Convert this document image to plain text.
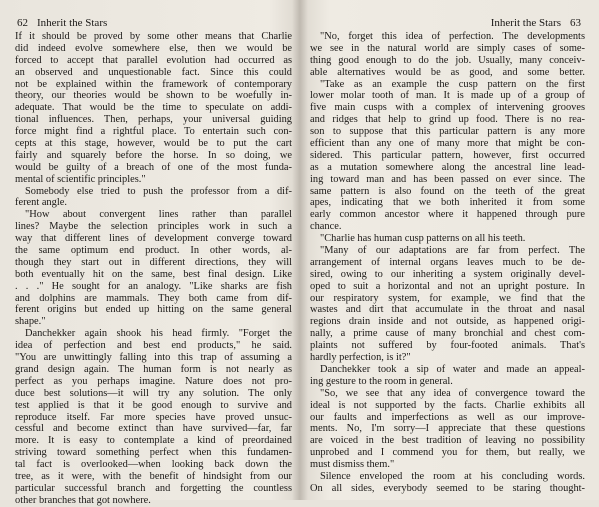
62 Inherit the Stars
If it should be proved by some other means that Charlie
did indeed evolve somewhere else, then we would be
forced to accept that parallel evolution had occurred as
an observed and unquestionable fact. Since this could
not be explained within the framework of contemporary
theory, our theories would be shown to be woefully in-
adequate. That would be the time to speculate on addi-
tional influences. Then, perhaps, your universal guiding
force might find a rightful place. To entertain such con-
cepts at this stage, however, would be to put the cart
fairly and squarely before the horse. In so doing, we
would be guilty of a breach of one of the most funda-
mental of scientific principles."
Somebody else tried to push the professor from a dif-
ferent angle.
"How about convergent lines rather than parallel
lines? Maybe the selection principles work in such a
way that different lines of development converge toward
the same optimum end product. In other words, al-
though they start out in different directions, they will
both eventually hit on the same, best final design. Like
. . ." He sought for an analogy. "Like sharks are fish
and dolphins are mammals. They both came from dif-
ferent origins but ended up hitting on the same general
shape."
Danchekker again shook his head firmly. "Forget the
idea of perfection and best end products," he said.
"You are unwittingly falling into this trap of assuming a
grand design again. The human form is not nearly as
perfect as you perhaps imagine. Nature does not pro-
duce best solutions—it will try any solution. The only
test applied is that it be good enough to survive and
reproduce itself. Far more species have proved unsuc-
cessful and become extinct than have survived—far, far
more. It is easy to contemplate a kind of preordained
striving toward something perfect when this fundamen-
tal fact is overlooked—when looking back down the
tree, as it were, with the benefit of hindsight from our
particular successful branch and forgetting the countless
other branches that got nowhere.
Inherit the Stars 63
"No, forget this idea of perfection. The developments
we see in the natural world are simply cases of some-
thing good enough to do the job. Usually, many conceiv-
able alternatives would be as good, and some better.
"Take as an example the cusp pattern on the first
lower molar tooth of man. It is made up of a group of
five main cusps with a complex of intervening grooves
and ridges that help to grind up food. There is no rea-
son to suppose that this particular pattern is any more
efficient than any one of many more that might be con-
sidered. This particular pattern, however, first occurred
as a mutation somewhere along the ancestral line lead-
ing toward man and has been passed on ever since. The
same pattern is also found on the teeth of the great
apes, indicating that we both inherited it from some
early common ancestor where it happened through pure
chance.
"Charlie has human cusp patterns on all his teeth.
"Many of our adaptations are far from perfect. The
arrangement of internal organs leaves much to be de-
sired, owing to our inheriting a system originally devel-
oped to suit a horizontal and not an upright posture. In
our respiratory system, for example, we find that the
wastes and dirt that accumulate in the throat and nasal
regions drain inside and not outside, as happened origi-
nally, a prime cause of many bronchial and chest com-
plaints not suffered by four-footed animals. That's
hardly perfection, is it?"
Danchekker took a sip of water and made an appeal-
ing gesture to the room in general.
"So, we see that any idea of convergence toward the
ideal is not supported by the facts. Charlie exhibits all
our faults and imperfections as well as our improve-
ments. No, I'm sorry—I appreciate that these questions
are voiced in the best tradition of leaving no possibility
unprobed and I commend you for them, but really, we
must dismiss them."
Silence enveloped the room at his concluding words.
On all sides, everybody seemed to be staring thought-
